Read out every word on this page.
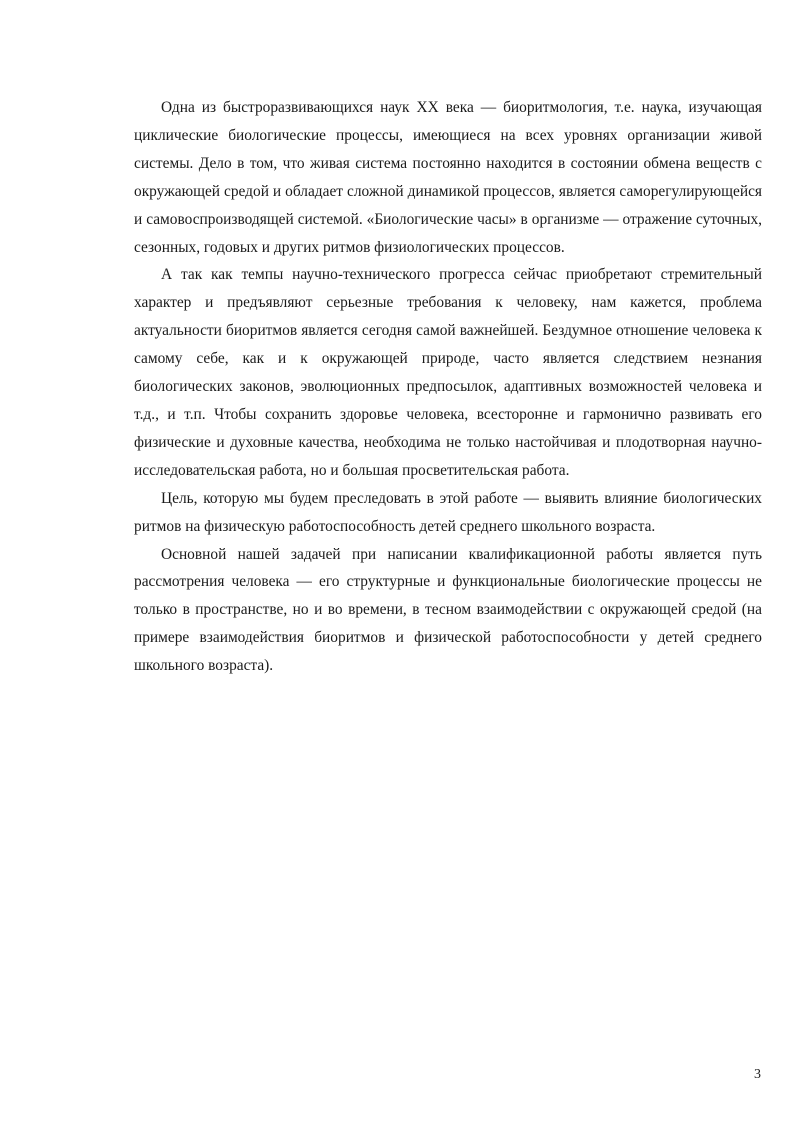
Одна из быстроразвивающихся наук XX века — биоритмология, т.е. наука, изучающая циклические биологические процессы, имеющиеся на всех уровнях организации живой системы. Дело в том, что живая система постоянно находится в состоянии обмена веществ с окружающей средой и обладает сложной динамикой процессов, является саморегулирующейся и самовоспроизводящей системой. «Биологические часы» в организме — отражение суточных, сезонных, годовых и других ритмов физиологических процессов.

А так как темпы научно-технического прогресса сейчас приобретают стремительный характер и предъявляют серьезные требования к человеку, нам кажется, проблема актуальности биоритмов является сегодня самой важнейшей. Бездумное отношение человека к самому себе, как и к окружающей природе, часто является следствием незнания биологических законов, эволюционных предпосылок, адаптивных возможностей человека и т.д., и т.п. Чтобы сохранить здоровье человека, всесторонне и гармонично развивать его физические и духовные качества, необходима не только настойчивая и плодотворная научно-исследовательская работа, но и большая просветительская работа.

Цель, которую мы будем преследовать в этой работе — выявить влияние биологических ритмов на физическую работоспособность детей среднего школьного возраста.

Основной нашей задачей при написании квалификационной работы является путь рассмотрения человека — его структурные и функциональные биологические процессы не только в пространстве, но и во времени, в тесном взаимодействии с окружающей средой (на примере взаимодействия биоритмов и физической работоспособности у детей среднего школьного возраста).

3
